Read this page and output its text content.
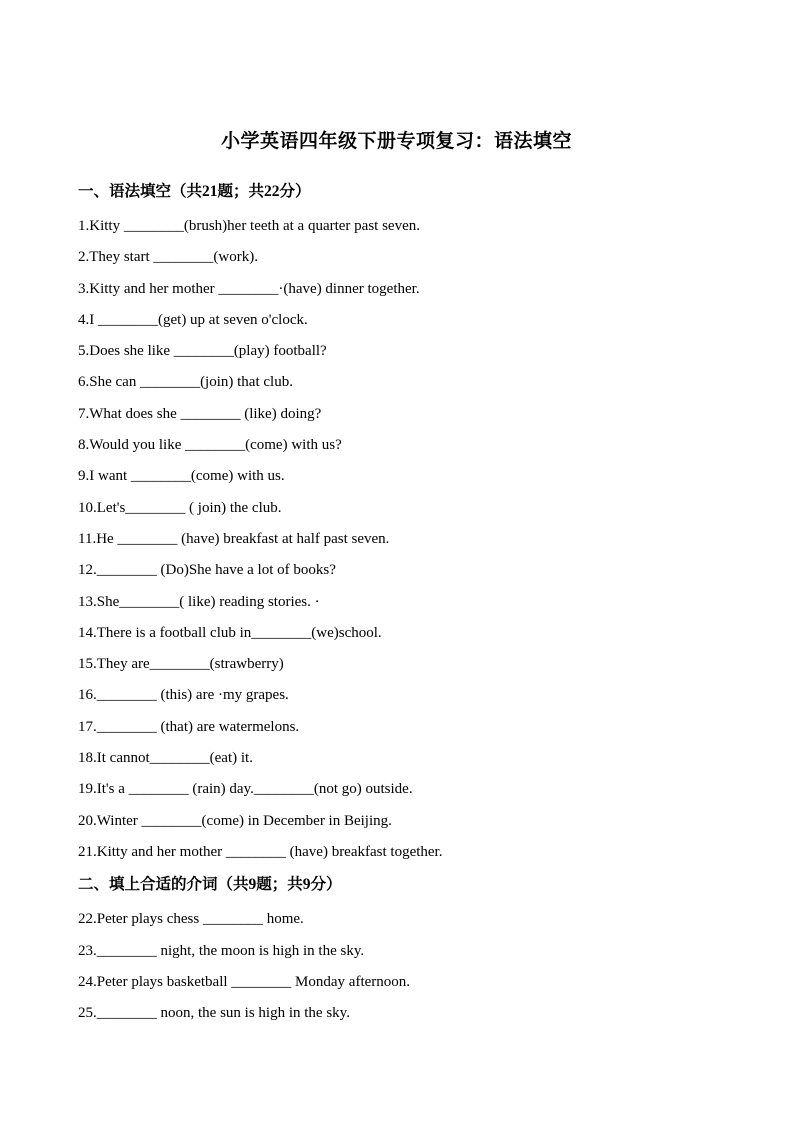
小学英语四年级下册专项复习：语法填空
一、语法填空（共21题；共22分）

1.Kitty ________(brush)her teeth at a quarter past seven.

2.They start ________(work).

3.Kitty and her mother ________·(have) dinner together.

4.I ________(get) up at seven o'clock.

5.Does she like ________(play) football?

6.She can ________(join) that club.

7.What does she ________ (like) doing?

8.Would you like ________(come) with us?

9.I want ________(come) with us.

10.Let's________ ( join) the club.

11.He ________ (have) breakfast at half past seven.

12.________ (Do)She have a lot of books?

13.She________( like) reading stories. ·

14.There is a football club in________(we)school.

15.They are________(strawberry)

16.________ (this) are ·my grapes.

17.________ (that) are watermelons.

18.It cannot________(eat) it.

19.It's a ________ (rain) day.________(not go) outside.

20.Winter ________(come) in December in Beijing.

21.Kitty and her mother ________ (have) breakfast together.

二、填上合适的介词（共9题；共9分）

22.Peter plays chess ________ home.

23.________ night, the moon is high in the sky.

24.Peter plays basketball ________ Monday afternoon.

25.________ noon, the sun is high in the sky.
